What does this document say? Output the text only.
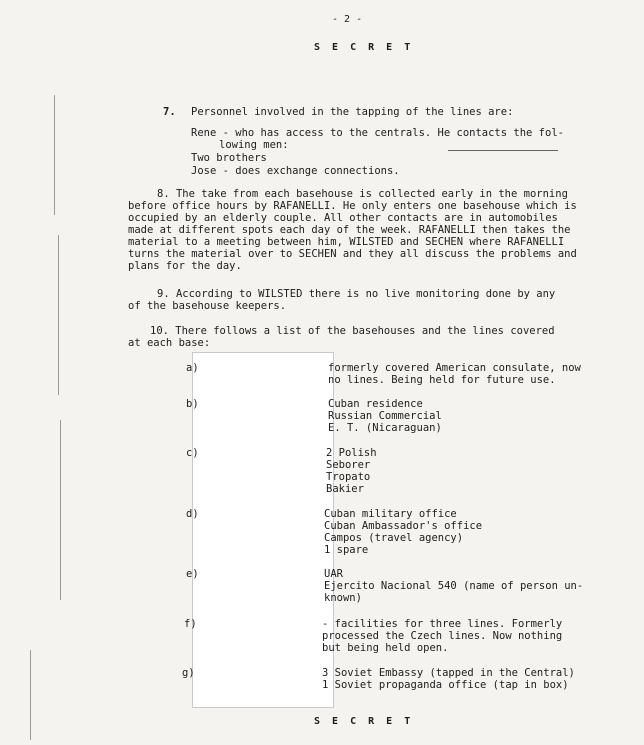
- 2 -
S E C R E T
7. Personnel involved in the tapping of the lines are:
Rene - who has access to the centrals. He contacts the fol-
lowing men:
Two brothers
Jose - does exchange connections.
8. The take from each basehouse is collected early in the morning
before office hours by RAFANELLI. He only enters one basehouse which is
occupied by an elderly couple. All other contacts are in automobiles
made at different spots each day of the week. RAFANELLI then takes the
material to a meeting between him, WILSTED and SECHEN where RAFANELLI
turns the material over to SECHEN and they all discuss the problems and
plans for the day.
9. According to WILSTED there is no live monitoring done by any
of the basehouse keepers.
10. There follows a list of the basehouses and the lines covered
at each base:
a)	formerly covered American consulate, now
no lines. Being held for future use.
b)	Cuban residence
Russian Commercial
E. T. (Nicaraguan)
c)	2 Polish
Seborer
Tropato
Bakier
d)	Cuban military office
Cuban Ambassador's office
Campos (travel agency)
1 spare
e)	UAR
Ejercito Nacional 540 (name of person un-
known)
f)	- facilities for three lines. Formerly
processed the Czech lines. Now nothing
but being held open.
g)	3 Soviet Embassy (tapped in the Central)
1 Soviet propaganda office (tap in box)
S E C R E T
